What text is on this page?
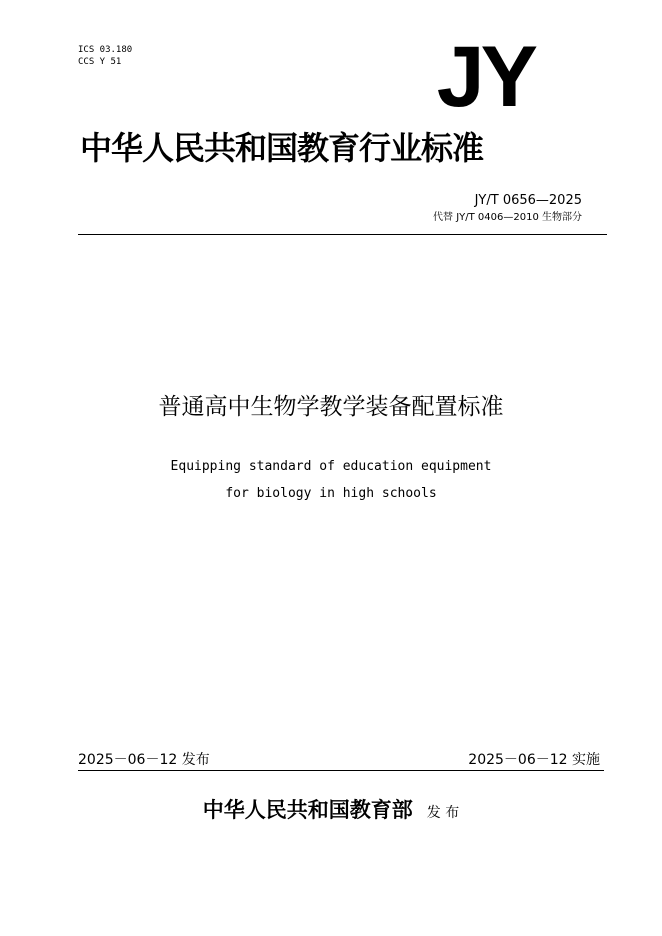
ICS 03.180
CCS Y 51	JY
中华人民共和国教育行业标准
JY/T 0656—2025
代替 JY/T 0406—2010 生物部分
普通高中生物学教学装备配置标准
Equipping standard of education equipment
for biology in high schools
2025－06－12 发布	2025－06－12 实施
中华人民共和国教育部 发 布
